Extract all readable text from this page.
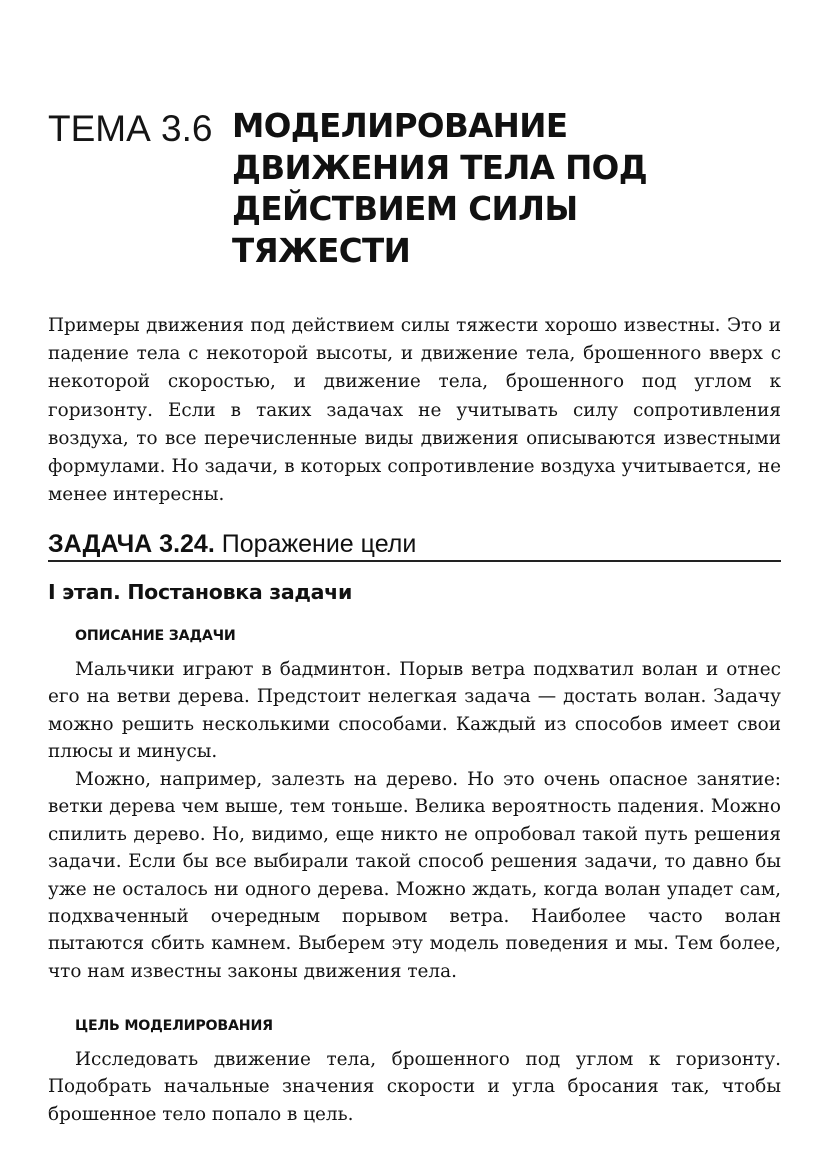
ТЕМА 3.6 МОДЕЛИРОВАНИЕ ДВИЖЕНИЯ ТЕЛА ПОД ДЕЙСТВИЕМ СИЛЫ ТЯЖЕСТИ

Примеры движения под действием силы тяжести хорошо известны. Это и падение тела с некоторой высоты, и движение тела, брошенного вверх с некоторой скоростью, и движение тела, брошенного под углом к горизонту. Если в таких задачах не учитывать силу сопротивления воздуха, то все перечисленные виды движения описываются известными формулами. Но задачи, в которых сопротивление воздуха учитывается, не менее интересны.

ЗАДАЧА 3.24. Поражение цели
I этап. Постановка задачи
ОПИСАНИЕ ЗАДАЧИ

Мальчики играют в бадминтон. Порыв ветра подхватил волан и отнес его на ветви дерева. Предстоит нелегкая задача — достать волан. Задачу можно решить несколькими способами. Каждый из способов имеет свои плюсы и минусы.

Можно, например, залезть на дерево. Но это очень опасное занятие: ветки дерева чем выше, тем тоньше. Велика вероятность падения. Можно спилить дерево. Но, видимо, еще никто не опробовал такой путь решения задачи. Если бы все выбирали такой способ решения задачи, то давно бы уже не осталось ни одного дерева. Можно ждать, когда волан упадет сам, подхваченный очередным порывом ветра. Наиболее часто волан пытаются сбить камнем. Выберем эту модель поведения и мы. Тем более, что нам известны законы движения тела.

ЦЕЛЬ МОДЕЛИРОВАНИЯ

Исследовать движение тела, брошенного под углом к горизонту. Подобрать начальные значения скорости и угла бросания так, чтобы брошенное тело попало в цель.
